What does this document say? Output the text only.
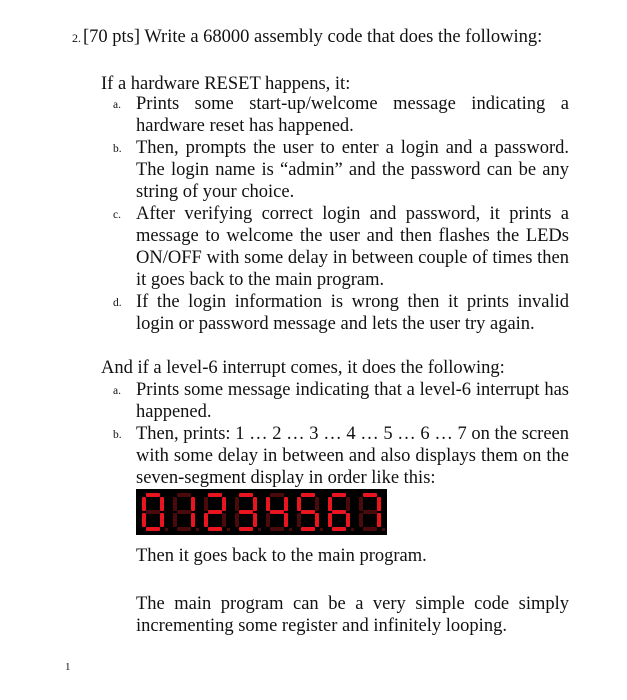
2. [70 pts] Write a 68000 assembly code that does the following:
If a hardware RESET happens, it:
a. Prints some start-up/welcome message indicating a hardware reset has happened.
b. Then, prompts the user to enter a login and a password. The login name is “admin” and the password can be any string of your choice.
c. After verifying correct login and password, it prints a message to welcome the user and then flashes the LEDs ON/OFF with some delay in between couple of times then it goes back to the main program.
d. If the login information is wrong then it prints invalid login or password message and lets the user try again.
And if a level-6 interrupt comes, it does the following:
a. Prints some message indicating that a level-6 interrupt has happened.
b. Then, prints: 1 … 2 … 3 … 4 … 5 … 6 … 7 on the screen with some delay in between and also displays them on the seven-segment display in order like this:
Then it goes back to the main program.
The main program can be a very simple code simply incrementing some register and infinitely looping.
1
